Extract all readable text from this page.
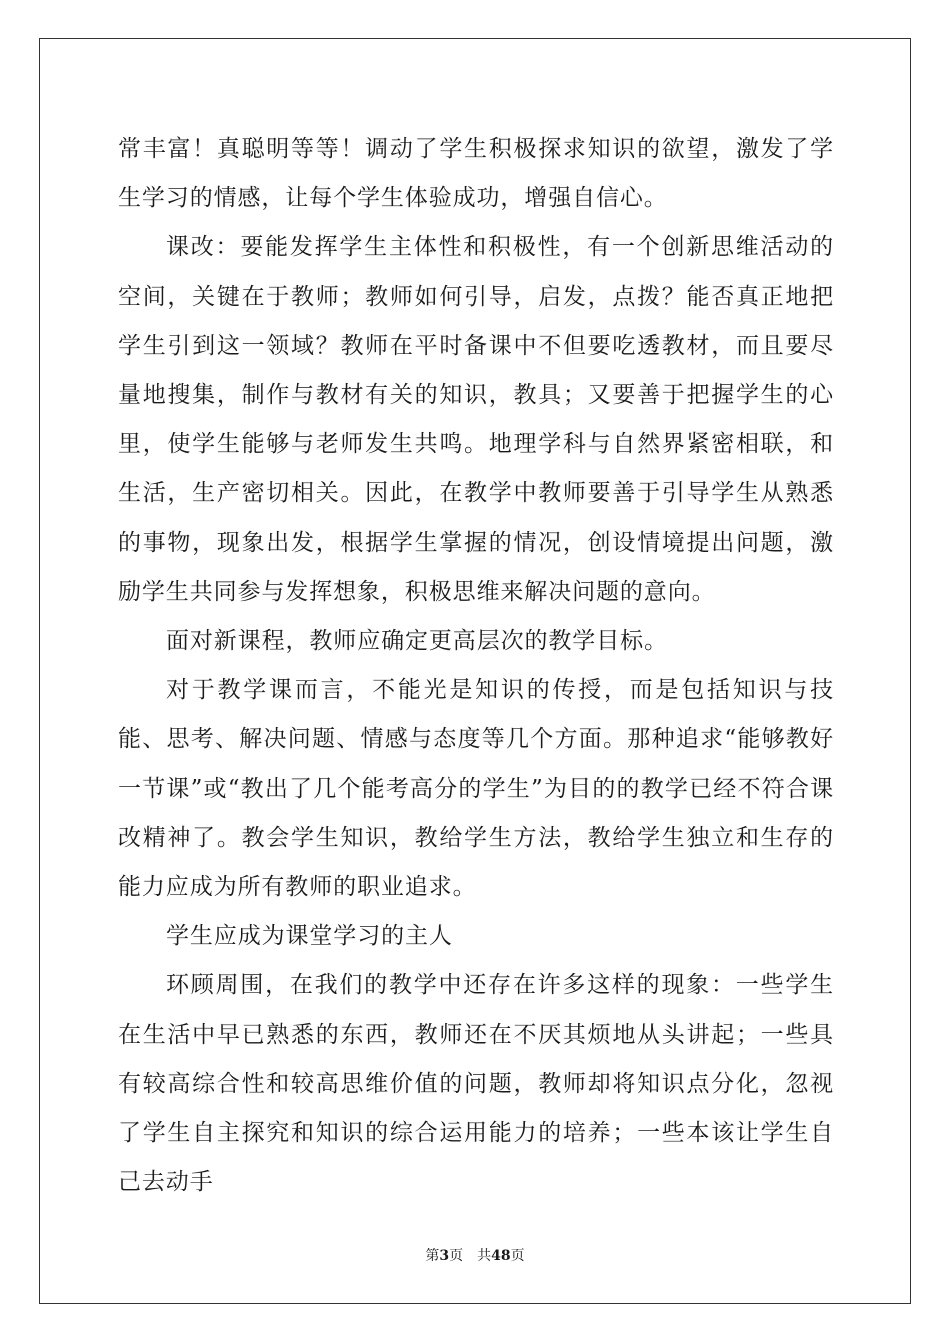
常丰富！真聪明等等！调动了学生积极探求知识的欲望，激发了学生学习的情感，让每个学生体验成功，增强自信心。

课改：要能发挥学生主体性和积极性，有一个创新思维活动的空间，关键在于教师；教师如何引导，启发，点拨？能否真正地把学生引到这一领域？教师在平时备课中不但要吃透教材，而且要尽量地搜集，制作与教材有关的知识，教具；又要善于把握学生的心里，使学生能够与老师发生共鸣。地理学科与自然界紧密相联，和生活，生产密切相关。因此，在教学中教师要善于引导学生从熟悉的事物，现象出发，根据学生掌握的情况，创设情境提出问题，激励学生共同参与发挥想象，积极思维来解决问题的意向。

面对新课程，教师应确定更高层次的教学目标。

对于教学课而言，不能光是知识的传授，而是包括知识与技能、思考、解决问题、情感与态度等几个方面。那种追求“能够教好一节课”或“教出了几个能考高分的学生”为目的的教学已经不符合课改精神了。教会学生知识，教给学生方法，教给学生独立和生存的能力应成为所有教师的职业追求。

学生应成为课堂学习的主人

环顾周围，在我们的教学中还存在许多这样的现象：一些学生在生活中早已熟悉的东西，教师还在不厌其烦地从头讲起；一些具有较高综合性和较高思维价值的问题，教师却将知识点分化，忽视了学生自主探究和知识的综合运用能力的培养；一些本该让学生自己去动手

第3页 共48页
